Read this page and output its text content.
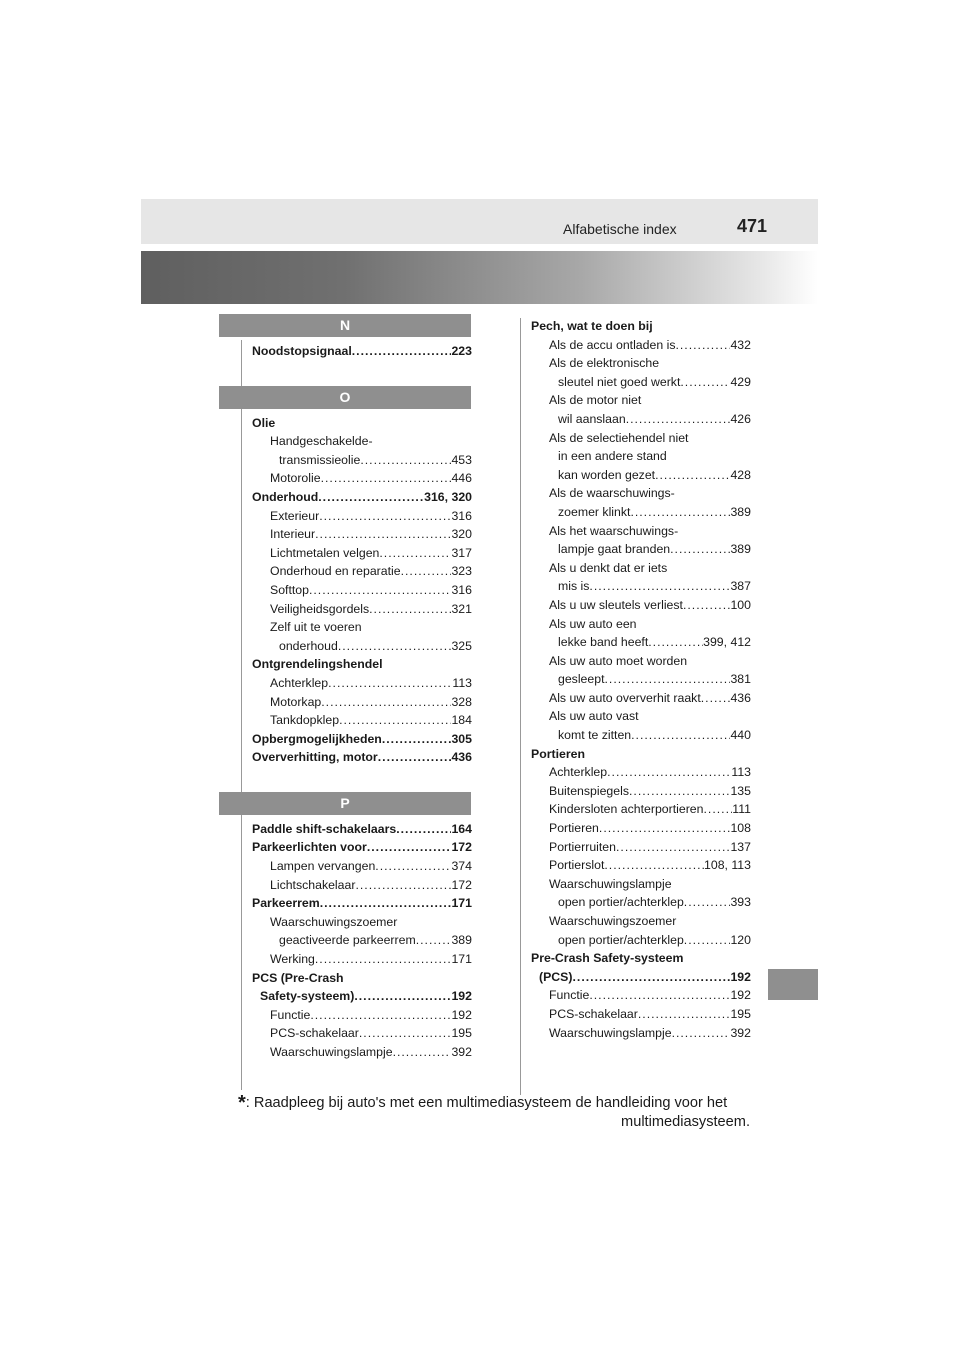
Alfabetische index	471
N
Noodstopsignaal .....	223
O
Olie
Handgeschakelde-
transmissieolie .....	453
Motorolie .....	446
Onderhoud .....	316, 320
Exterieur .....	316
Interieur .....	320
Lichtmetalen velgen .....	317
Onderhoud en reparatie .....	323
Softtop .....	316
Veiligheidsgordels .....	321
Zelf uit te voeren
onderhoud .....	325
Ontgrendelingshendel
Achterklep .....	113
Motorkap .....	328
Tankdopklep .....	184
Opbergmogelijkheden .....	305
Oververhitting, motor .....	436
P
Paddle shift-schakelaars .....	164
Parkeerlichten voor .....	172
Lampen vervangen .....	374
Lichtschakelaar .....	172
Parkeerrem .....	171
Waarschuwingszoemer
geactiveerde parkeerrem .....	389
Werking .....	171
PCS (Pre-Crash
Safety-systeem) .....	192
Functie .....	192
PCS-schakelaar .....	195
Waarschuwingslampje .....	392
Pech, wat te doen bij
Als de accu ontladen is .....	432
Als de elektronische
sleutel niet goed werkt .....	429
Als de motor niet
wil aanslaan .....	426
Als de selectiehendel niet
in een andere stand
kan worden gezet .....	428
Als de waarschuwings-
zoemer klinkt .....	389
Als het waarschuwings-
lampje gaat branden .....	389
Als u denkt dat er iets
mis is .....	387
Als u uw sleutels verliest .....	100
Als uw auto een
lekke band heeft .....	399, 412
Als uw auto moet worden
gesleept .....	381
Als uw auto oververhit raakt ..... 436
Als uw auto vast
komt te zitten .....	440
Portieren
Achterklep .....	113
Buitenspiegels .....	135
Kindersloten achterportieren ..... 111
Portieren .....	108
Portierruiten .....	137
Portierslot .....	108, 113
Waarschuwingslampje
open portier/achterklep .....	393
Waarschuwingszoemer
open portier/achterklep .....	120
Pre-Crash Safety-systeem
(PCS) .....	192
Functie .....	192
PCS-schakelaar .....	195
Waarschuwingslampje .....	392
*: Raadpleeg bij auto's met een multimediasysteem de handleiding voor het
multimediasysteem.
